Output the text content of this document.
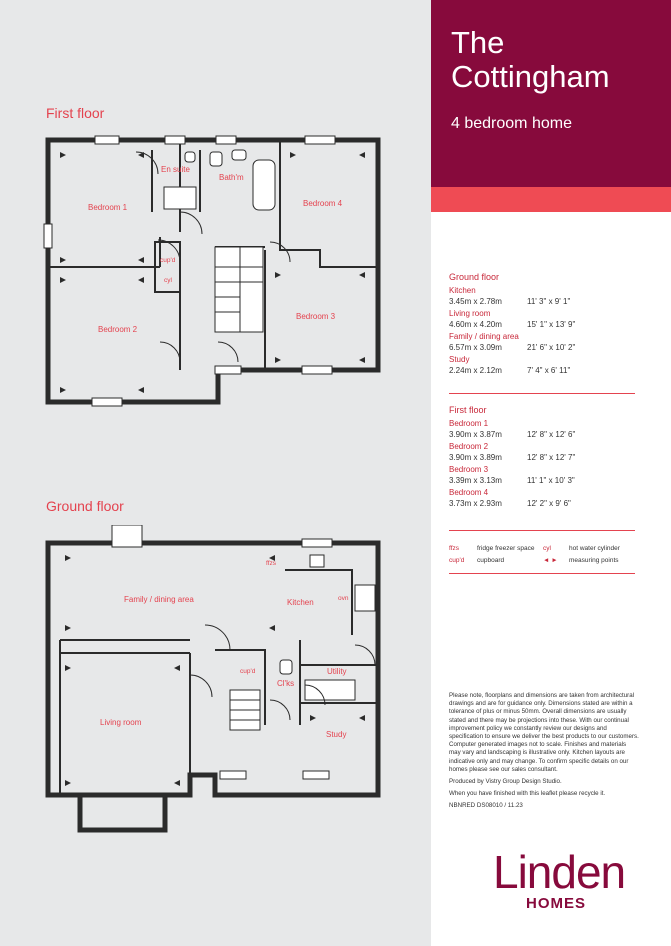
First floor
En suite
Bath'm
Bedroom 1	Bedroom 4
cup'd
cyl
Bedroom 2
Bedroom 3
Ground floor
Family / dining area	Kitchen
ffzs
ovn
Utility
cup'd
Cl'ks
Living room
Study
The
Cottingham
4 bedroom home
Ground floor
Kitchen
3.45m x 2.78m	11' 3" x 9' 1"
Living room
4.60m x 4.20m	15' 1" x 13' 9"
Family / dining area
6.57m x 3.09m	21' 6" x 10' 2"
Study
2.24m x 2.12m	7' 4" x 6' 11"
First floor
Bedroom 1
3.90m x 3.87m	12' 8" x 12' 6"
Bedroom 2
3.90m x 3.89m	12' 8" x 12' 7"
Bedroom 3
3.39m x 3.13m	11' 1" x 10' 3"
Bedroom 4
3.73m x 2.93m	12' 2" x 9' 6"
ffzs	fridge freezer space	cyl	hot water cylinder
cup'd	cupboard	◄ ►	measuring points

Please note, floorplans and dimensions are taken from architectural drawings and are for guidance only. Dimensions stated are within a tolerance of plus or minus 50mm. Overall dimensions are usually stated and there may be projections into these. With our continual improvement policy we constantly review our designs and specification to ensure we deliver the best products to our customers. Computer generated images not to scale. Finishes and materials may vary and landscaping is illustrative only. Kitchen layouts are indicative only and may change. To confirm specific details on our homes please see our sales consultant.

Produced by Vistry Group Design Studio.

When you have finished with this leaflet please recycle it.

NBNRED DS08010 / 11.23

Linden
HOMES
